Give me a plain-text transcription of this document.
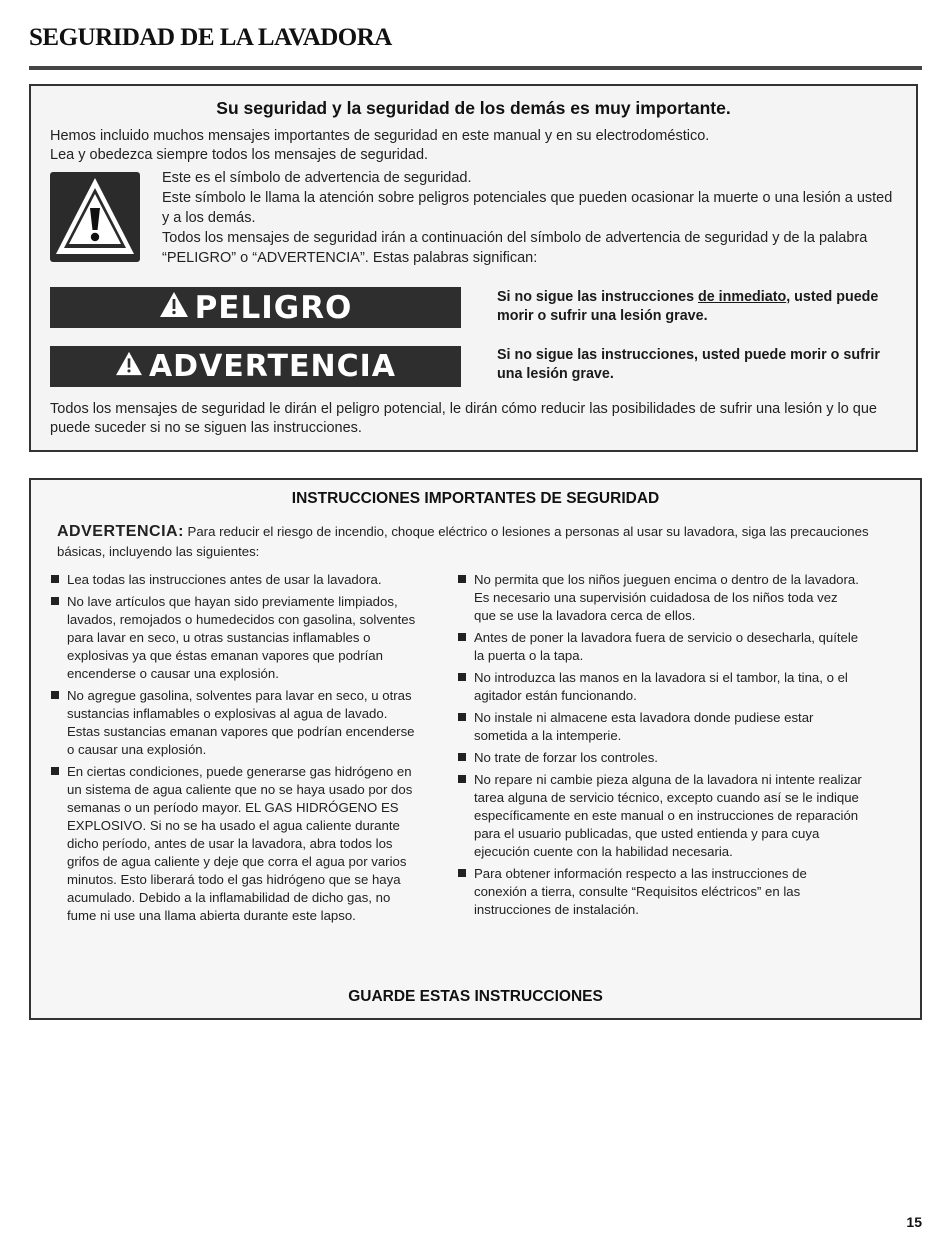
SEGURIDAD DE LA LAVADORA
Su seguridad y la seguridad de los demás es muy importante.
Hemos incluido muchos mensajes importantes de seguridad en este manual y en su electrodoméstico.
Lea y obedezca siempre todos los mensajes de seguridad.
Este es el símbolo de advertencia de seguridad.
Este símbolo le llama la atención sobre peligros potenciales que pueden ocasionar la muerte o una lesión a usted y a los demás.
Todos los mensajes de seguridad irán a continuación del símbolo de advertencia de seguridad y de la palabra “PELIGRO” o “ADVERTENCIA”. Estas palabras significan:
PELIGRO	Si no sigue las instrucciones de inmediato, usted puede morir o sufrir una lesión grave.
ADVERTENCIA	Si no sigue las instrucciones, usted puede morir o sufrir una lesión grave.
Todos los mensajes de seguridad le dirán el peligro potencial, le dirán cómo reducir las posibilidades de sufrir una lesión y lo que puede suceder si no se siguen las instrucciones.
INSTRUCCIONES IMPORTANTES DE SEGURIDAD
ADVERTENCIA: Para reducir el riesgo de incendio, choque eléctrico o lesiones a personas al usar su lavadora, siga las precauciones básicas, incluyendo las siguientes:
Lea todas las instrucciones antes de usar la lavadora.
No lave artículos que hayan sido previamente limpiados, lavados, remojados o humedecidos con gasolina, solventes para lavar en seco, u otras sustancias inflamables o explosivas ya que éstas emanan vapores que podrían encenderse o causar una explosión.
No agregue gasolina, solventes para lavar en seco, u otras sustancias inflamables o explosivas al agua de lavado. Estas sustancias emanan vapores que podrían encenderse o causar una explosión.
En ciertas condiciones, puede generarse gas hidrógeno en un sistema de agua caliente que no se haya usado por dos semanas o un período mayor. EL GAS HIDRÓGENO ES EXPLOSIVO. Si no se ha usado el agua caliente durante dicho período, antes de usar la lavadora, abra todos los grifos de agua caliente y deje que corra el agua por varios minutos. Esto liberará todo el gas hidrógeno que se haya acumulado. Debido a la inflamabilidad de dicho gas, no fume ni use una llama abierta durante este lapso.
No permita que los niños jueguen encima o dentro de la lavadora. Es necesario una supervisión cuidadosa de los niños toda vez que se use la lavadora cerca de ellos.
Antes de poner la lavadora fuera de servicio o desecharla, quítele la puerta o la tapa.
No introduzca las manos en la lavadora si el tambor, la tina, o el agitador están funcionando.
No instale ni almacene esta lavadora donde pudiese estar sometida a la intemperie.
No trate de forzar los controles.
No repare ni cambie pieza alguna de la lavadora ni intente realizar tarea alguna de servicio técnico, excepto cuando así se le indique específicamente en este manual o en instrucciones de reparación para el usuario publicadas, que usted entienda y para cuya ejecución cuente con la habilidad necesaria.
Para obtener información respecto a las instrucciones de conexión a tierra, consulte “Requisitos eléctricos” en las instrucciones de instalación.
GUARDE ESTAS INSTRUCCIONES
15
